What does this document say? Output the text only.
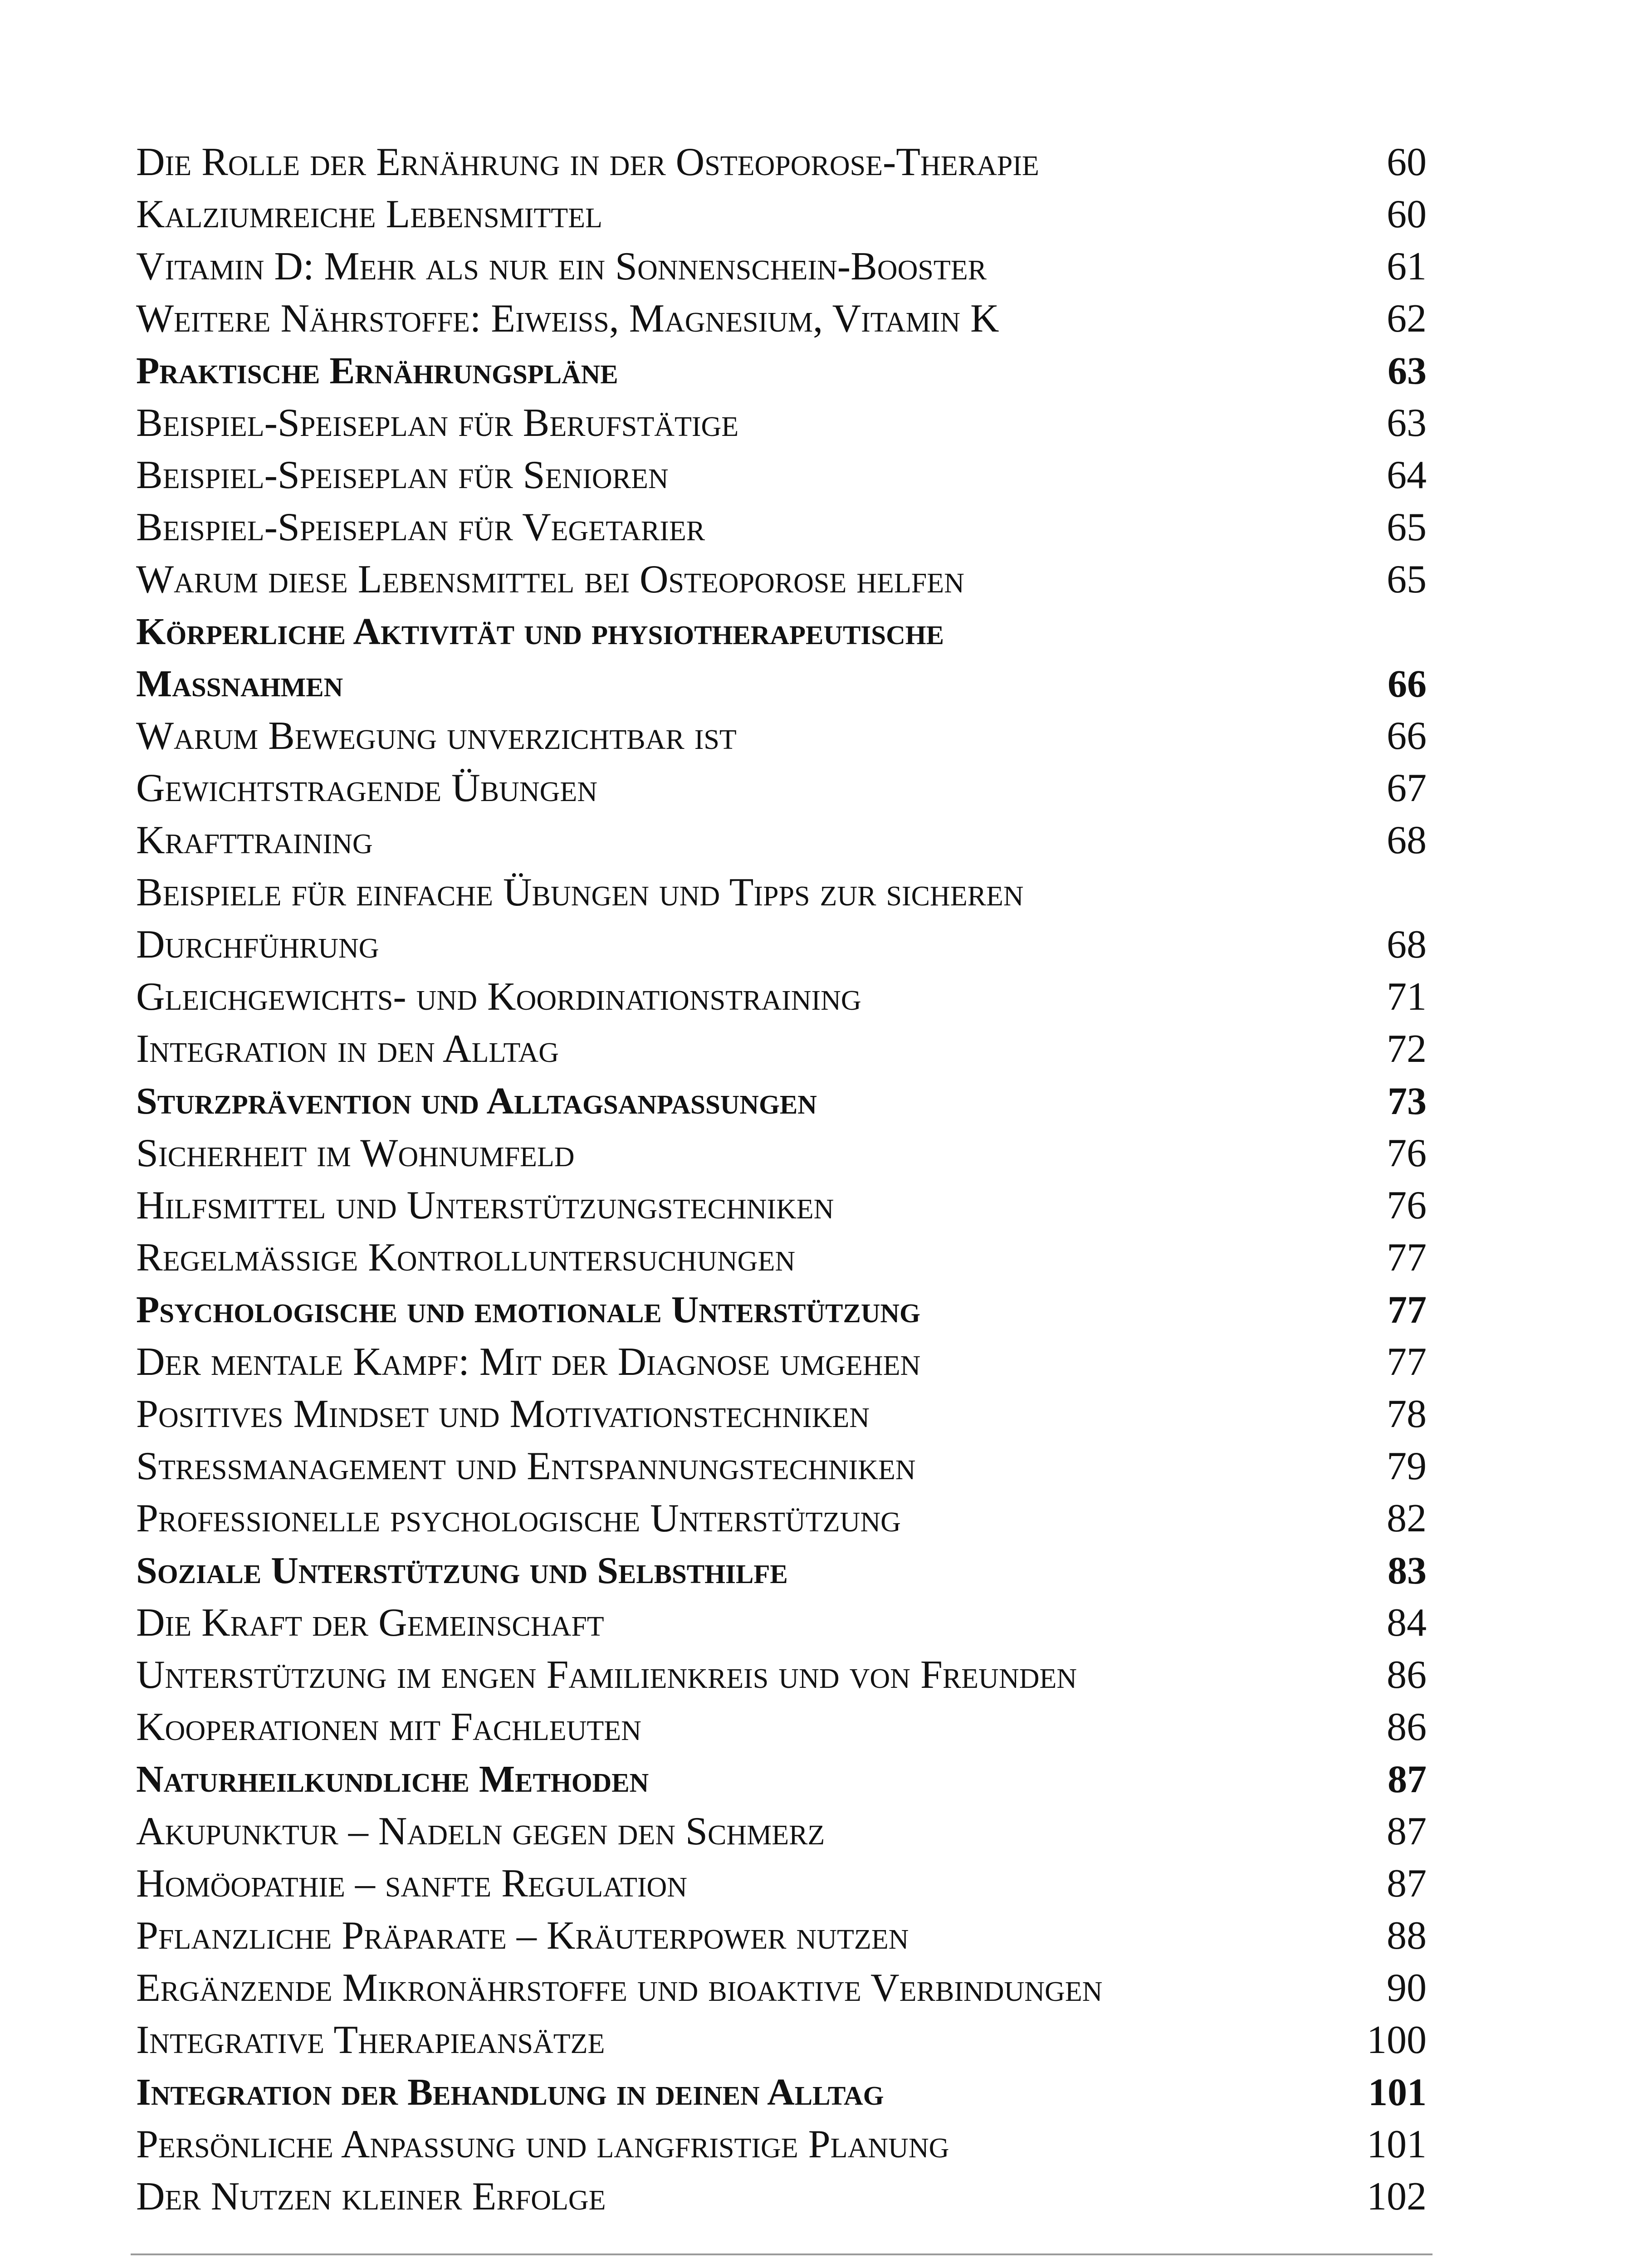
Die Rolle der Ernährung in der Osteoporose-Therapie	60
Kalziumreiche Lebensmittel	60
Vitamin D: Mehr als nur ein Sonnenschein-Booster	61
Weitere Nährstoffe: Eiweiß, Magnesium, Vitamin K	62
Praktische Ernährungspläne	63
Beispiel-Speiseplan für Berufstätige	63
Beispiel-Speiseplan für Senioren	64
Beispiel-Speiseplan für Vegetarier	65
Warum diese Lebensmittel bei Osteoporose helfen	65
Körperliche Aktivität und physiotherapeutische
Maßnahmen	66
Warum Bewegung unverzichtbar ist	66
Gewichtstragende Übungen	67
Krafttraining	68
Beispiele für einfache Übungen und Tipps zur sicheren
Durchführung	68
Gleichgewichts- und Koordinationstraining	71
Integration in den Alltag	72
Sturzprävention und Alltagsanpassungen	73
Sicherheit im Wohnumfeld	76
Hilfsmittel und Unterstützungstechniken	76
Regelmäßige Kontrolluntersuchungen	77
Psychologische und emotionale Unterstützung	77
Der mentale Kampf: Mit der Diagnose umgehen	77
Positives Mindset und Motivationstechniken	78
Stressmanagement und Entspannungstechniken	79
Professionelle psychologische Unterstützung	82
Soziale Unterstützung und Selbsthilfe	83
Die Kraft der Gemeinschaft	84
Unterstützung im engen Familienkreis und von Freunden	86
Kooperationen mit Fachleuten	86
Naturheilkundliche Methoden	87
Akupunktur – Nadeln gegen den Schmerz	87
Homöopathie – sanfte Regulation	87
Pflanzliche Präparate – Kräuterpower nutzen	88
Ergänzende Mikronährstoffe und bioaktive Verbindungen	90
Integrative Therapieansätze	100
Integration der Behandlung in deinen Alltag	101
Persönliche Anpassung und langfristige Planung	101
Der Nutzen kleiner Erfolge	102
